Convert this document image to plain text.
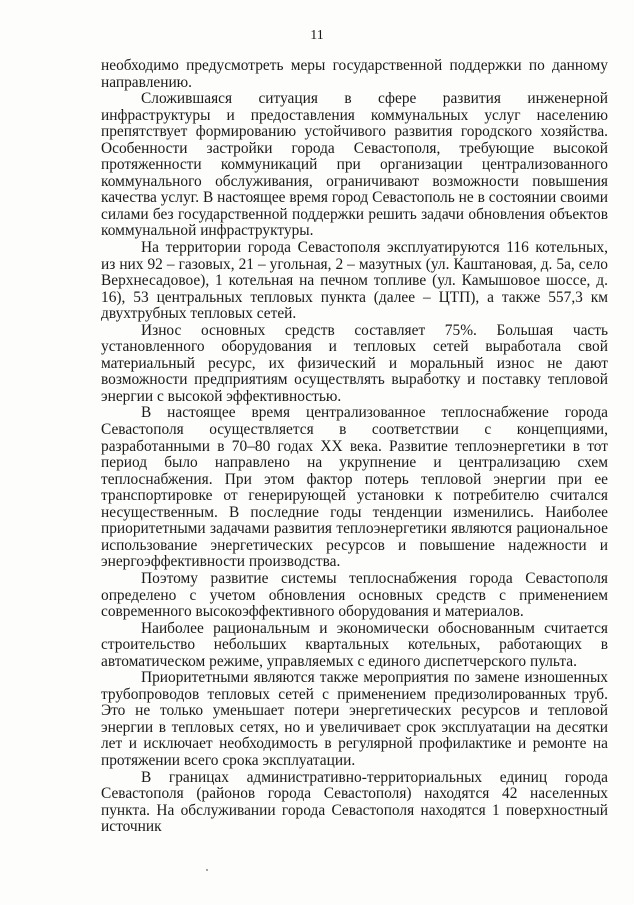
11

необходимо предусмотреть меры государственной поддержки по данному направлению.

Сложившаяся ситуация в сфере развития инженерной инфраструктуры и предоставления коммунальных услуг населению препятствует формированию устойчивого развития городского хозяйства. Особенности застройки города Севастополя, требующие высокой протяженности коммуникаций при организации централизованного коммунального обслуживания, ограничивают возможности повышения качества услуг. В настоящее время город Севастополь не в состоянии своими силами без государственной поддержки решить задачи обновления объектов коммунальной инфраструктуры.

На территории города Севастополя эксплуатируются 116 котельных, из них 92 – газовых, 21 – угольная, 2 – мазутных (ул. Каштановая, д. 5а, село Верхнесадовое), 1 котельная на печном топливе (ул. Камышовое шоссе, д. 16), 53 центральных тепловых пункта (далее – ЦТП), а также 557,3 км двухтрубных тепловых сетей.

Износ основных средств составляет 75%. Большая часть установленного оборудования и тепловых сетей выработала свой материальный ресурс, их физический и моральный износ не дают возможности предприятиям осуществлять выработку и поставку тепловой энергии с высокой эффективностью.

В настоящее время централизованное теплоснабжение города Севастополя осуществляется в соответствии с концепциями, разработанными в 70–80 годах XX века. Развитие теплоэнергетики в тот период было направлено на укрупнение и централизацию схем теплоснабжения. При этом фактор потерь тепловой энергии при ее транспортировке от генерирующей установки к потребителю считался несущественным. В последние годы тенденции изменились. Наиболее приоритетными задачами развития теплоэнергетики являются рациональное использование энергетических ресурсов и повышение надежности и энергоэффективности производства.

Поэтому развитие системы теплоснабжения города Севастополя определено с учетом обновления основных средств с применением современного высокоэффективного оборудования и материалов.

Наиболее рациональным и экономически обоснованным считается строительство небольших квартальных котельных, работающих в автоматическом режиме, управляемых с единого диспетчерского пульта.

Приоритетными являются также мероприятия по замене изношенных трубопроводов тепловых сетей с применением предизолированных труб. Это не только уменьшает потери энергетических ресурсов и тепловой энергии в тепловых сетях, но и увеличивает срок эксплуатации на десятки лет и исключает необходимость в регулярной профилактике и ремонте на протяжении всего срока эксплуатации.

В границах административно-территориальных единиц города Севастополя (районов города Севастополя) находятся 42 населенных пункта. На обслуживании города Севастополя находятся 1 поверхностный источник
